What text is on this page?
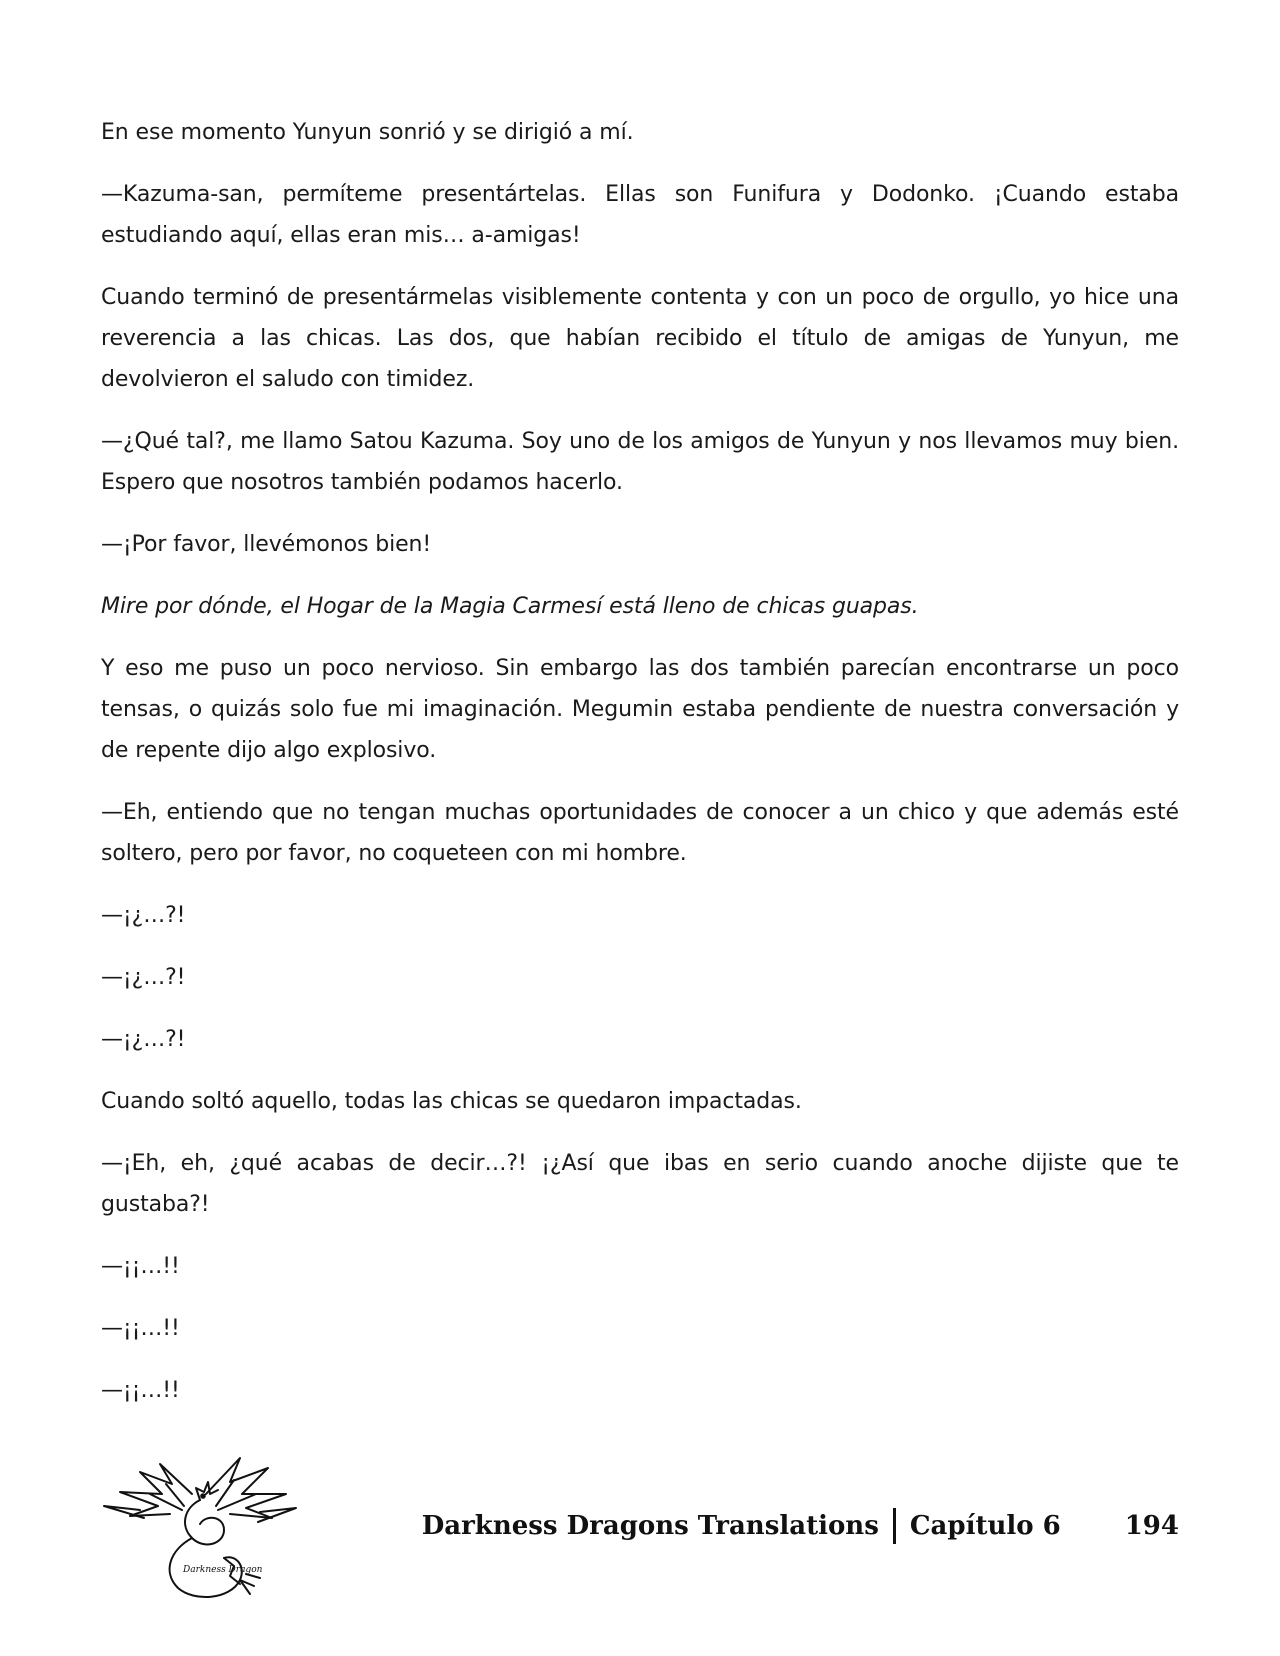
En ese momento Yunyun sonrió y se dirigió a mí.

—Kazuma-san, permíteme presentártelas. Ellas son Funifura y Dodonko. ¡Cuando estaba estudiando aquí, ellas eran mis… a-amigas!

Cuando terminó de presentármelas visiblemente contenta y con un poco de orgullo, yo hice una reverencia a las chicas. Las dos, que habían recibido el título de amigas de Yunyun, me devolvieron el saludo con timidez.

—¿Qué tal?, me llamo Satou Kazuma. Soy uno de los amigos de Yunyun y nos llevamos muy bien. Espero que nosotros también podamos hacerlo.

—¡Por favor, llevémonos bien!

Mire por dónde, el Hogar de la Magia Carmesí está lleno de chicas guapas.

Y eso me puso un poco nervioso. Sin embargo las dos también parecían encontrarse un poco tensas, o quizás solo fue mi imaginación. Megumin estaba pendiente de nuestra conversación y de repente dijo algo explosivo.

—Eh, entiendo que no tengan muchas oportunidades de conocer a un chico y que además esté soltero, pero por favor, no coqueteen con mi hombre.

—¡¿…?!

—¡¿…?!

—¡¿…?!

Cuando soltó aquello, todas las chicas se quedaron impactadas.

—¡Eh, eh, ¿qué acabas de decir…?! ¡¿Así que ibas en serio cuando anoche dijiste que te gustaba?!

—¡¡…!!

—¡¡…!!

—¡¡…!!

Darkness Dragon
Darkness Dragons Translations Capítulo 6 194
